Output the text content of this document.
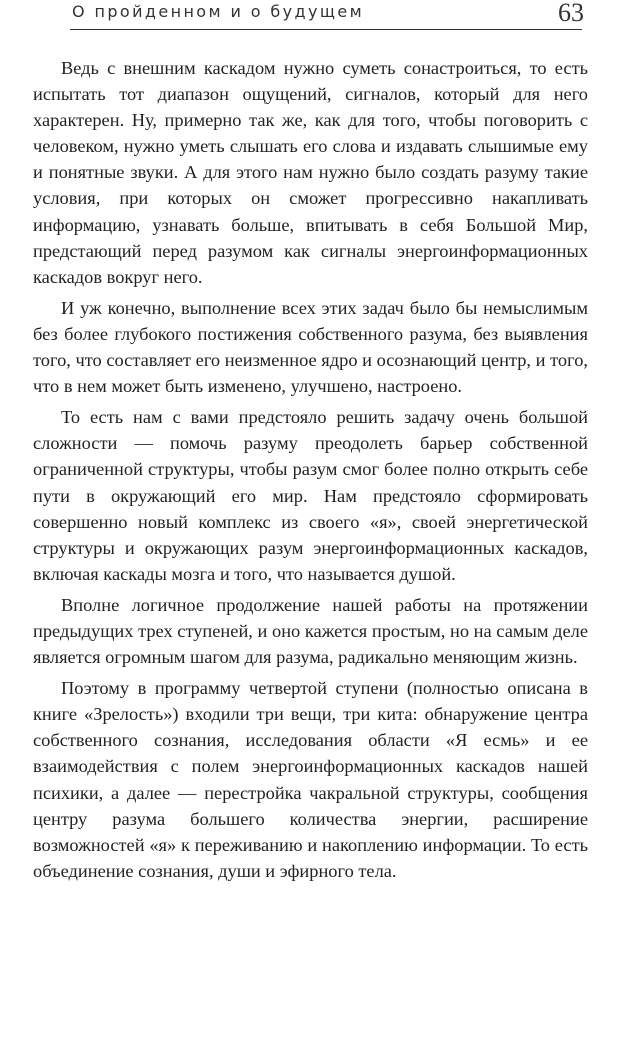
О пройденном и о будущем	63

Ведь с внешним каскадом нужно суметь сонастроиться, то есть испытать тот диапазон ощущений, сигналов, который для него характерен. Ну, примерно так же, как для того, чтобы поговорить с человеком, нужно уметь слышать его слова и издавать слышимые ему и понятные звуки. А для этого нам нужно было создать разуму такие условия, при которых он сможет прогрессивно накапливать информацию, узнавать больше, впитывать в себя Большой Мир, предстающий перед разумом как сигналы энергоинформационных каскадов вокруг него.

И уж конечно, выполнение всех этих задач было бы немыслимым без более глубокого постижения собственного разума, без выявления того, что составляет его неизменное ядро и осознающий центр, и того, что в нем может быть изменено, улучшено, настроено.

То есть нам с вами предстояло решить задачу очень большой сложности — помочь разуму преодолеть барьер собственной ограниченной структуры, чтобы разум смог более полно открыть себе пути в окружающий его мир. Нам предстояло сформировать совершенно новый комплекс из своего «я», своей энергетической структуры и окружающих разум энергоинформационных каскадов, включая каскады мозга и того, что называется душой.

Вполне логичное продолжение нашей работы на протяжении предыдущих трех ступеней, и оно кажется простым, но на самым деле является огромным шагом для разума, радикально меняющим жизнь.

Поэтому в программу четвертой ступени (полностью описана в книге «Зрелость») входили три вещи, три кита: обнаружение центра собственного сознания, исследования области «Я есмь» и ее взаимодействия с полем энергоинформационных каскадов нашей психики, а далее — перестройка чакральной структуры, сообщения центру разума большего количества энергии, расширение возможностей «я» к переживанию и накоплению информации. То есть объединение сознания, души и эфирного тела.
